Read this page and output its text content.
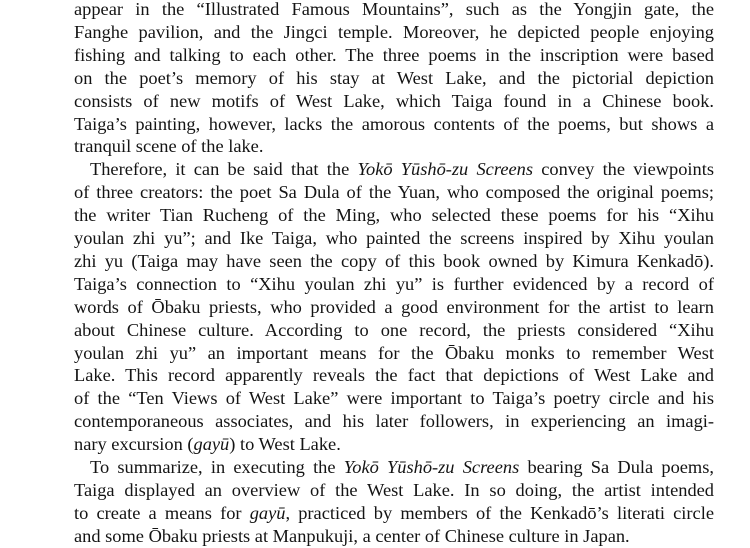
appear in the “Illustrated Famous Mountains”, such as the Yongjin gate, the
Fanghe pavilion, and the Jingci temple. Moreover, he depicted people enjoying
fishing and talking to each other. The three poems in the inscription were based
on the poet’s memory of his stay at West Lake, and the pictorial depiction
consists of new motifs of West Lake, which Taiga found in a Chinese book.
Taiga’s painting, however, lacks the amorous contents of the poems, but shows a
tranquil scene of the lake.
Therefore, it can be said that the Yokō Yūshō-zu Screens convey the viewpoints
of three creators: the poet Sa Dula of the Yuan, who composed the original poems;
the writer Tian Rucheng of the Ming, who selected these poems for his “Xihu
youlan zhi yu”; and Ike Taiga, who painted the screens inspired by Xihu youlan
zhi yu (Taiga may have seen the copy of this book owned by Kimura Kenkadō).
Taiga’s connection to “Xihu youlan zhi yu” is further evidenced by a record of
words of Ōbaku priests, who provided a good environment for the artist to learn
about Chinese culture. According to one record, the priests considered “Xihu
youlan zhi yu” an important means for the Ōbaku monks to remember West
Lake. This record apparently reveals the fact that depictions of West Lake and
of the “Ten Views of West Lake” were important to Taiga’s poetry circle and his
contemporaneous associates, and his later followers, in experiencing an imagi-
nary excursion (gayū) to West Lake.
To summarize, in executing the Yokō Yūshō-zu Screens bearing Sa Dula poems,
Taiga displayed an overview of the West Lake. In so doing, the artist intended
to create a means for gayū, practiced by members of the Kenkadō’s literati circle
and some Ōbaku priests at Manpukuji, a center of Chinese culture in Japan.
